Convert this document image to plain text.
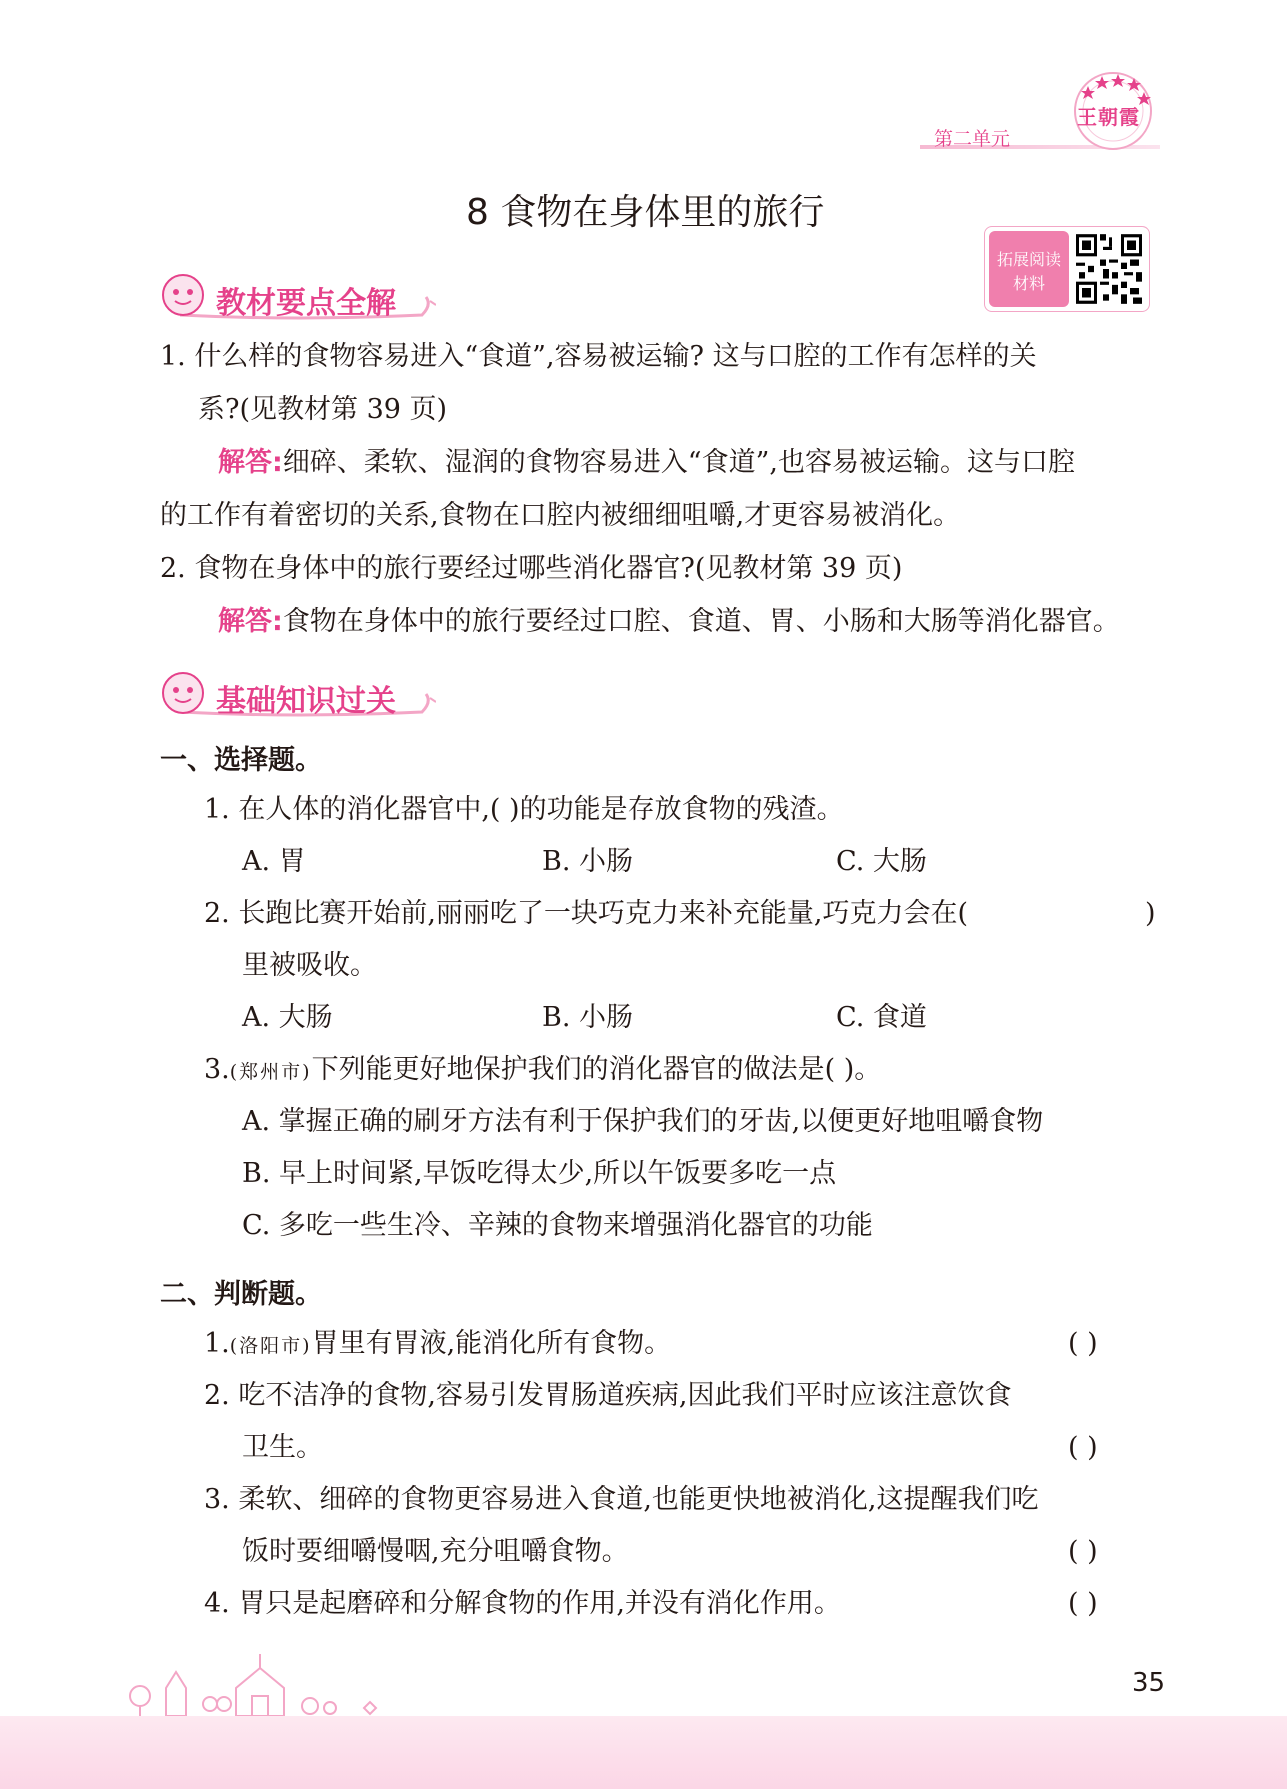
第二单元
王朝霞
8 食物在身体里的旅行
拓展阅读
材料
教材要点全解
1. 什么样的食物容易进入“食道”,容易被运输? 这与口腔的工作有怎样的关
系?(见教材第 39 页)
解答:细碎、柔软、湿润的食物容易进入“食道”,也容易被运输。这与口腔
的工作有着密切的关系,食物在口腔内被细细咀嚼,才更容易被消化。
2. 食物在身体中的旅行要经过哪些消化器官?(见教材第 39 页)
解答:食物在身体中的旅行要经过口腔、食道、胃、小肠和大肠等消化器官。
基础知识过关
一、选择题。
1. 在人体的消化器官中,( )的功能是存放食物的残渣。
A. 胃	B. 小肠	C. 大肠
2. 长跑比赛开始前,丽丽吃了一块巧克力来补充能量,巧克力会在(	)
里被吸收。
A. 大肠	B. 小肠	C. 食道
3.(郑州市)下列能更好地保护我们的消化器官的做法是( )。
A. 掌握正确的刷牙方法有利于保护我们的牙齿,以便更好地咀嚼食物
B. 早上时间紧,早饭吃得太少,所以午饭要多吃一点
C. 多吃一些生冷、辛辣的食物来增强消化器官的功能
二、判断题。
1.(洛阳市)胃里有胃液,能消化所有食物。	( )
2. 吃不洁净的食物,容易引发胃肠道疾病,因此我们平时应该注意饮食
卫生。	( )
3. 柔软、细碎的食物更容易进入食道,也能更快地被消化,这提醒我们吃
饭时要细嚼慢咽,充分咀嚼食物。	( )
4. 胃只是起磨碎和分解食物的作用,并没有消化作用。	( )
35
